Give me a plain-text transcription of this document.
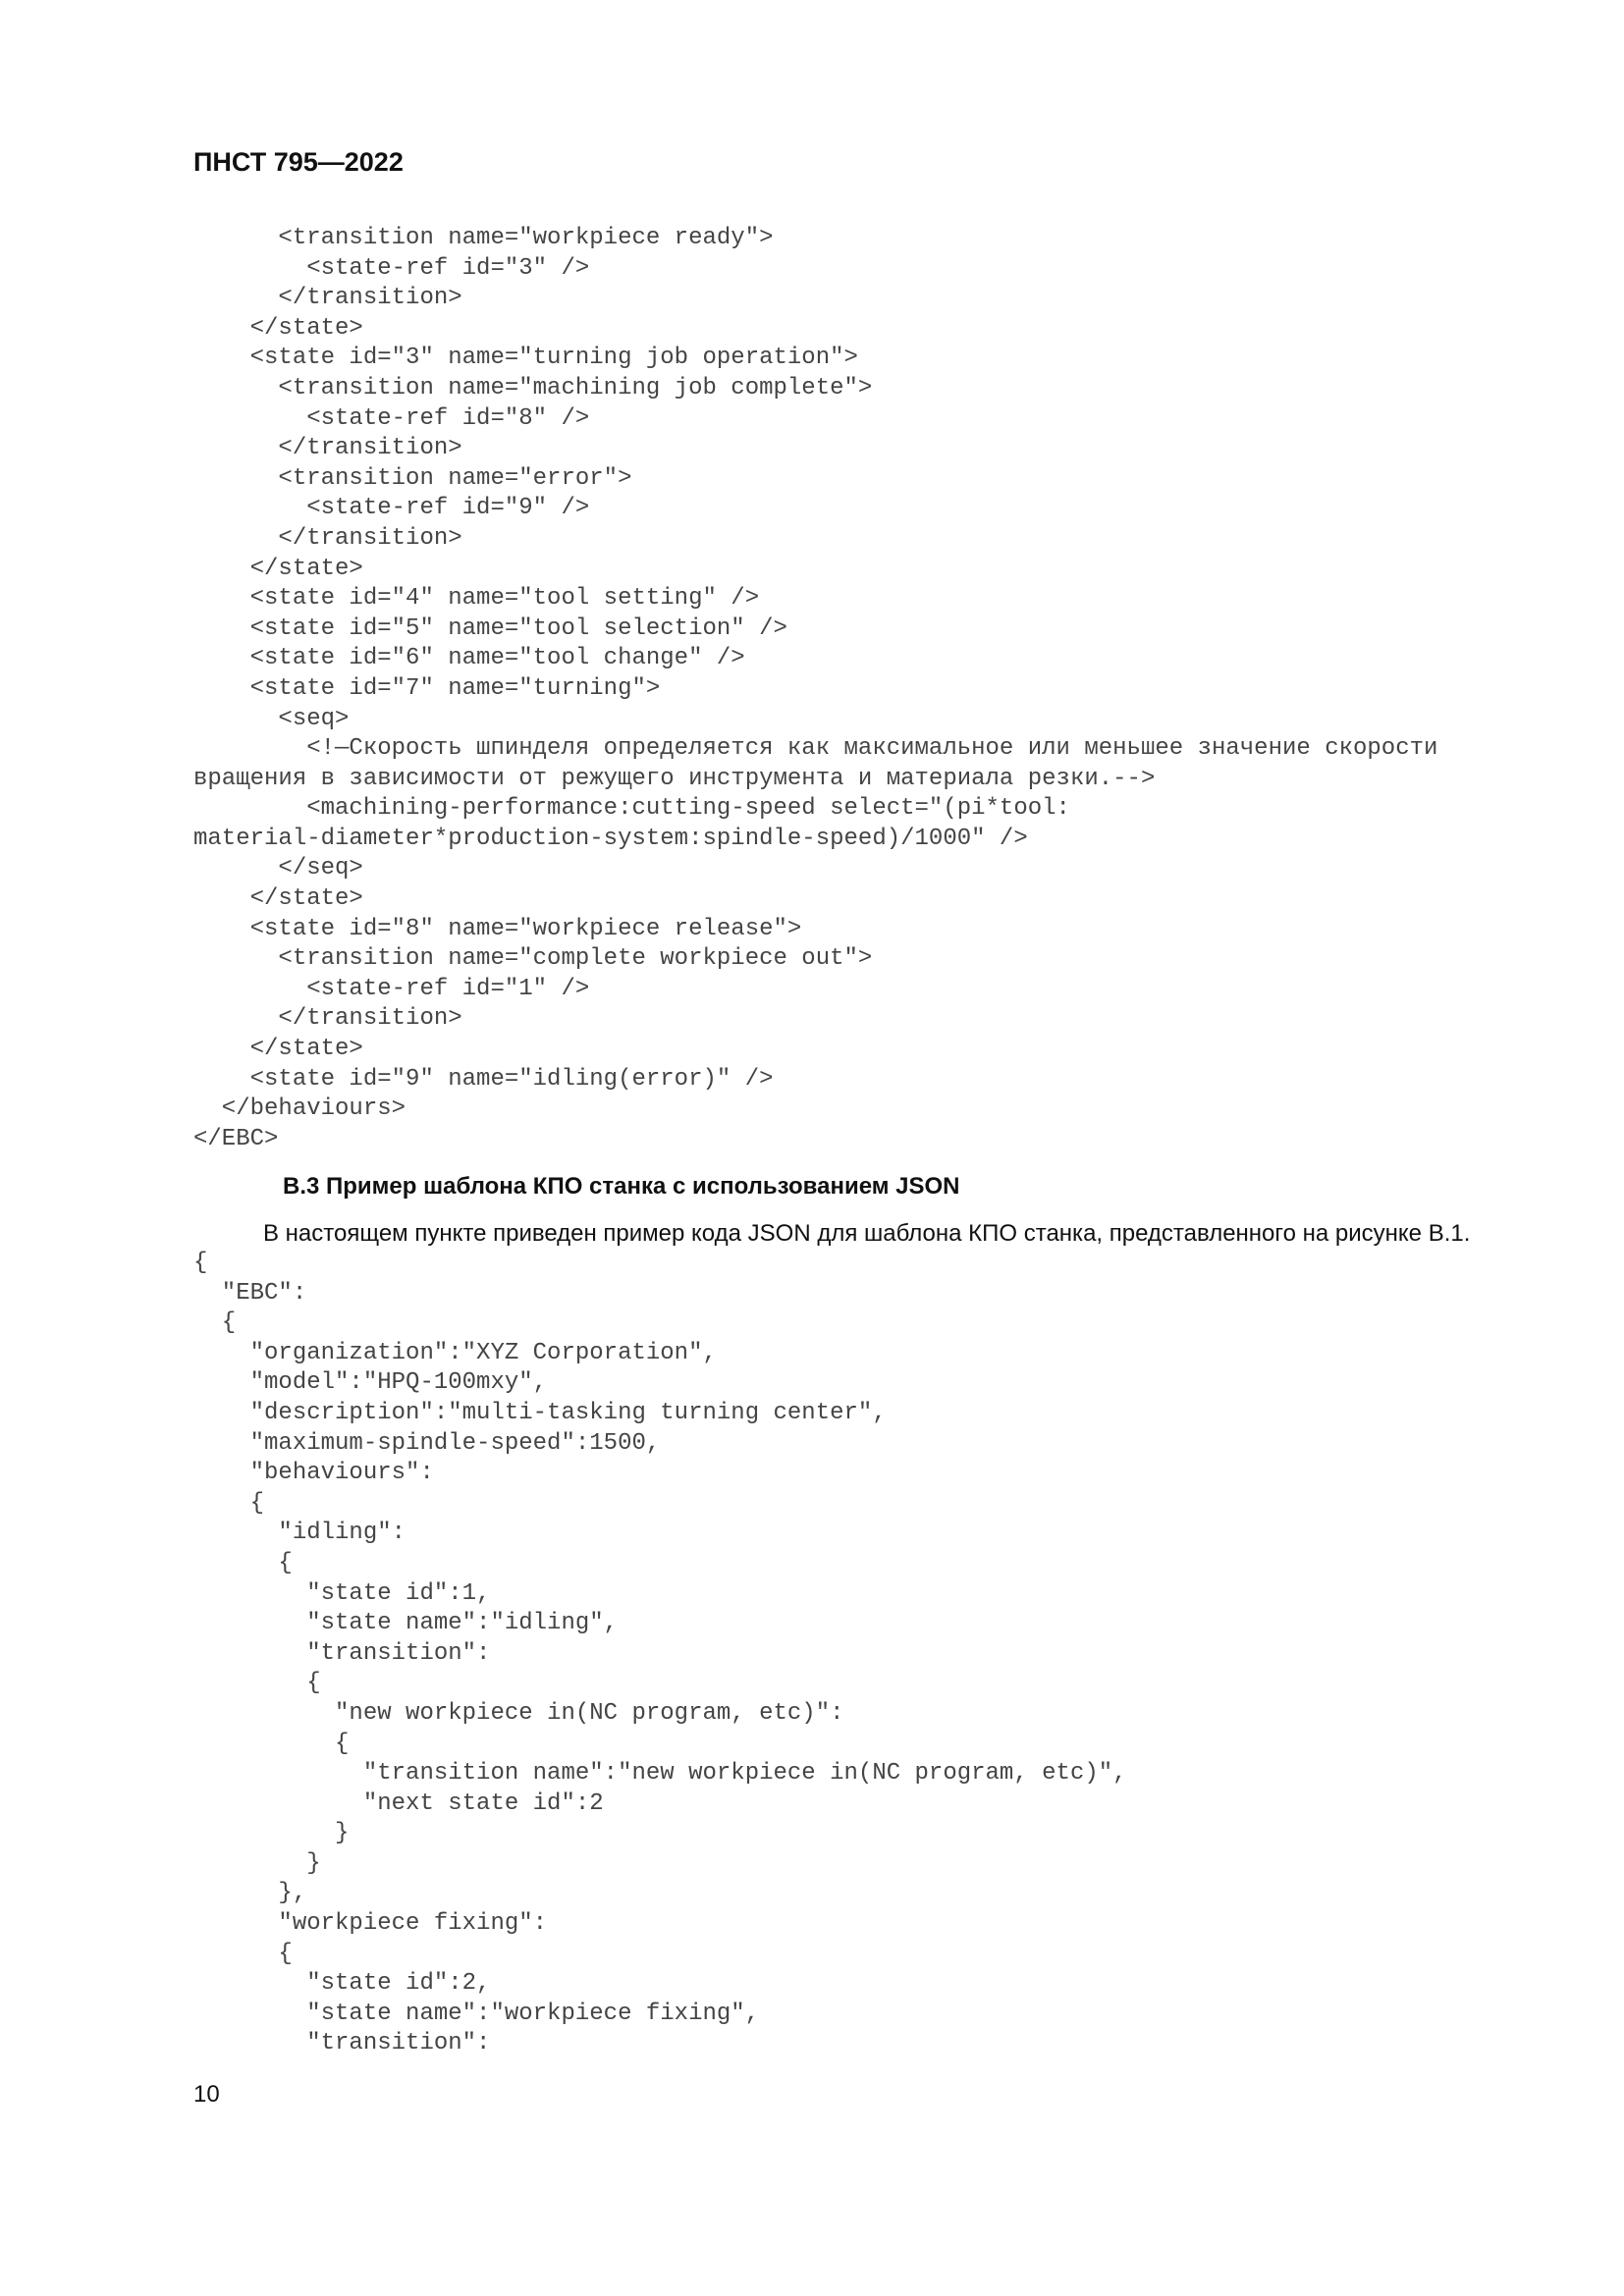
ПНСТ 795—2022
<transition name="workpiece ready">
<state-ref id="3" />
</transition>
</state>
<state id="3" name="turning job operation">
<transition name="machining job complete">
<state-ref id="8" />
</transition>
<transition name="error">
<state-ref id="9" />
</transition>
</state>
<state id="4" name="tool setting" />
<state id="5" name="tool selection" />
<state id="6" name="tool change" />
<state id="7" name="turning">
<seq>
<!—Скорость шпинделя определяется как максимальное или меньшее значение скорости
вращения в зависимости от режущего инструмента и материала резки.-->
<machining-performance:cutting-speed select="(pi*tool:
material-diameter*production-system:spindle-speed)/1000" />
</seq>
</state>
<state id="8" name="workpiece release">
<transition name="complete workpiece out">
<state-ref id="1" />
</transition>
</state>
<state id="9" name="idling(error)" />
</behaviours>
</EBC>
В.3 Пример шаблона КПО станка с использованием JSON

В настоящем пункте приведен пример кода JSON для шаблона КПО станка, представленного на рисунке В.1.

{
"EBC":
{
"organization":"XYZ Corporation",
"model":"HPQ-100mxy",
"description":"multi-tasking turning center",
"maximum-spindle-speed":1500,
"behaviours":
{
"idling":
{
"state id":1,
"state name":"idling",
"transition":
{
"new workpiece in(NC program, etc)":
{
"transition name":"new workpiece in(NC program, etc)",
"next state id":2
}
}
},
"workpiece fixing":
{
"state id":2,
"state name":"workpiece fixing",
"transition":
10
